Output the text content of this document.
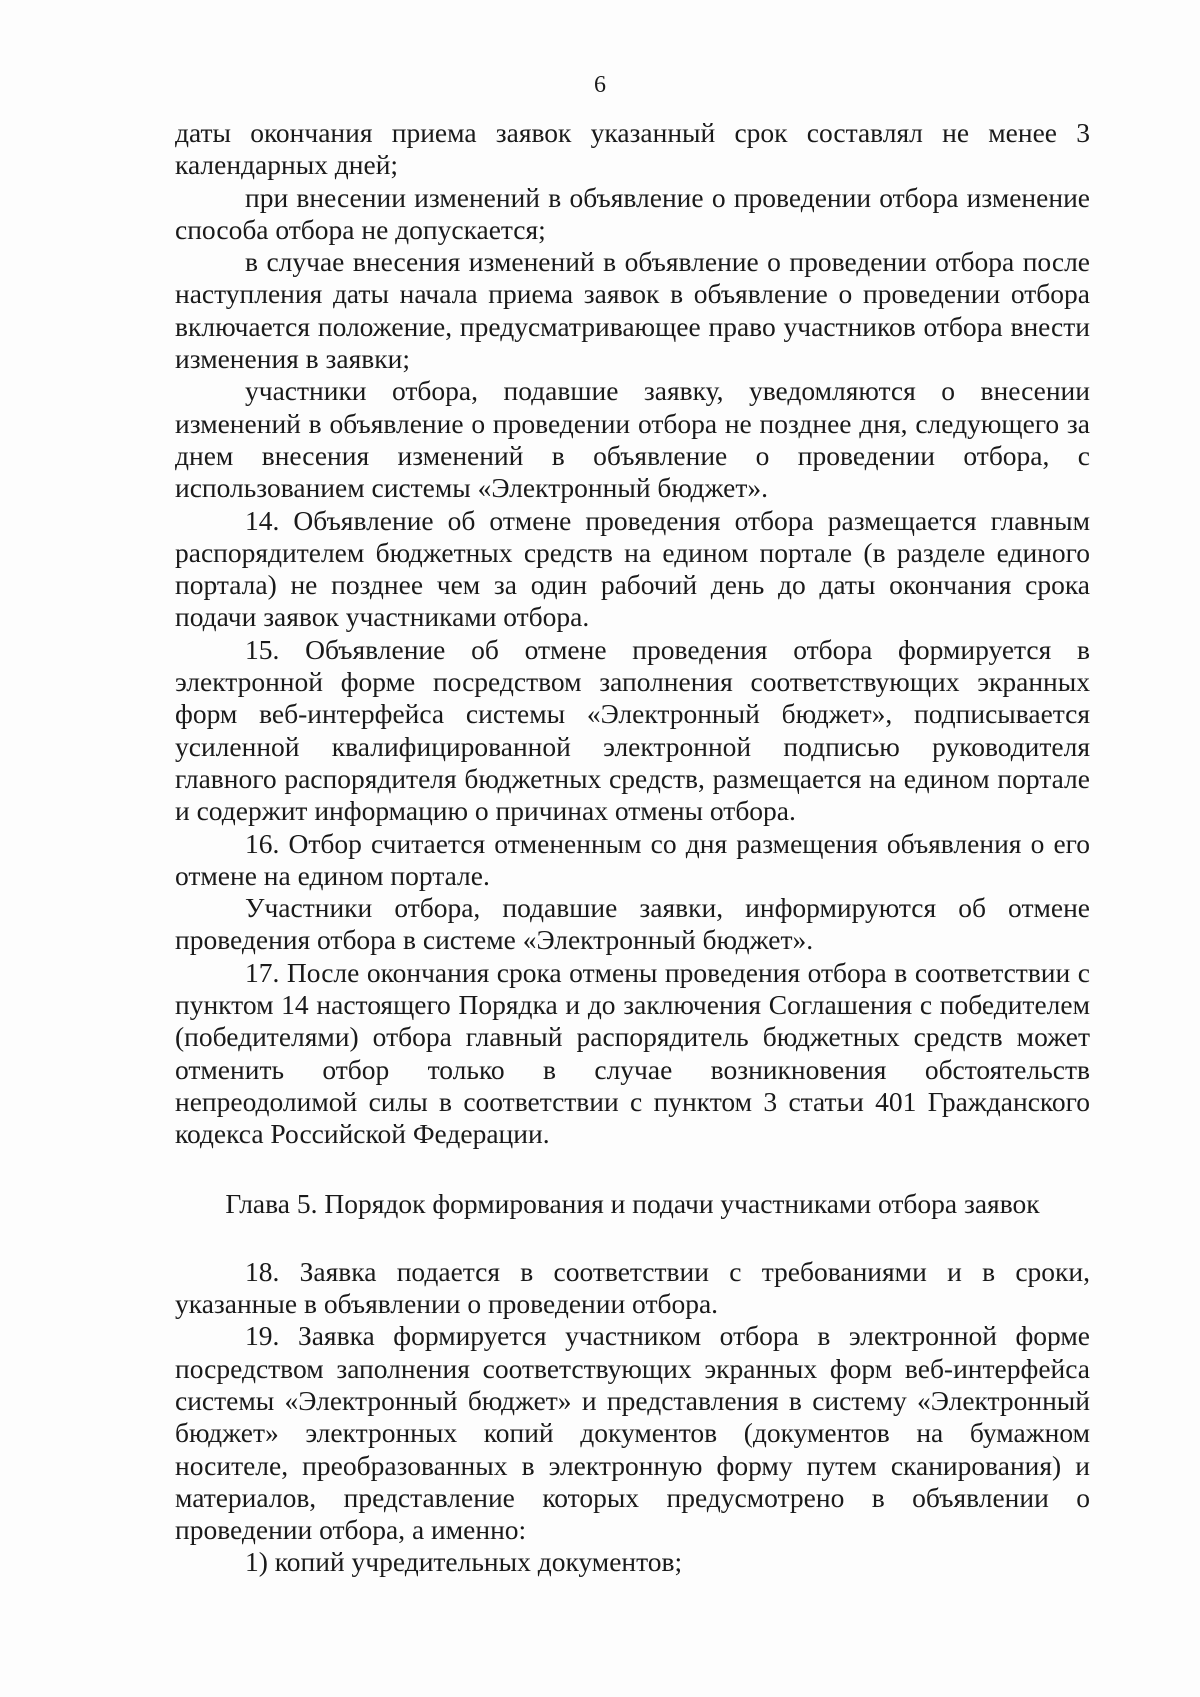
6

даты окончания приема заявок указанный срок составлял не менее 3 календарных дней;

при внесении изменений в объявление о проведении отбора изменение способа отбора не допускается;

в случае внесения изменений в объявление о проведении отбора после наступления даты начала приема заявок в объявление о проведении отбора включается положение, предусматривающее право участников отбора внести изменения в заявки;

участники отбора, подавшие заявку, уведомляются о внесении изменений в объявление о проведении отбора не позднее дня, следующего за днем внесения изменений в объявление о проведении отбора, с использованием системы «Электронный бюджет».

14. Объявление об отмене проведения отбора размещается главным распорядителем бюджетных средств на едином портале (в разделе единого портала) не позднее чем за один рабочий день до даты окончания срока подачи заявок участниками отбора.

15. Объявление об отмене проведения отбора формируется в электронной форме посредством заполнения соответствующих экранных форм веб-интерфейса системы «Электронный бюджет», подписывается усиленной квалифицированной электронной подписью руководителя главного распорядителя бюджетных средств, размещается на едином портале и содержит информацию о причинах отмены отбора.

16. Отбор считается отмененным со дня размещения объявления о его отмене на едином портале.

Участники отбора, подавшие заявки, информируются об отмене проведения отбора в системе «Электронный бюджет».

17. После окончания срока отмены проведения отбора в соответствии с пунктом 14 настоящего Порядка и до заключения Соглашения с победителем (победителями) отбора главный распорядитель бюджетных средств может отменить отбор только в случае возникновения обстоятельств непреодолимой силы в соответствии с пунктом 3 статьи 401 Гражданского кодекса Российской Федерации.

Глава 5. Порядок формирования и подачи участниками отбора заявок

18. Заявка подается в соответствии с требованиями и в сроки, указанные в объявлении о проведении отбора.

19. Заявка формируется участником отбора в электронной форме посредством заполнения соответствующих экранных форм веб-интерфейса системы «Электронный бюджет» и представления в систему «Электронный бюджет» электронных копий документов (документов на бумажном носителе, преобразованных в электронную форму путем сканирования) и материалов, представление которых предусмотрено в объявлении о проведении отбора, а именно:

1) копий учредительных документов;
